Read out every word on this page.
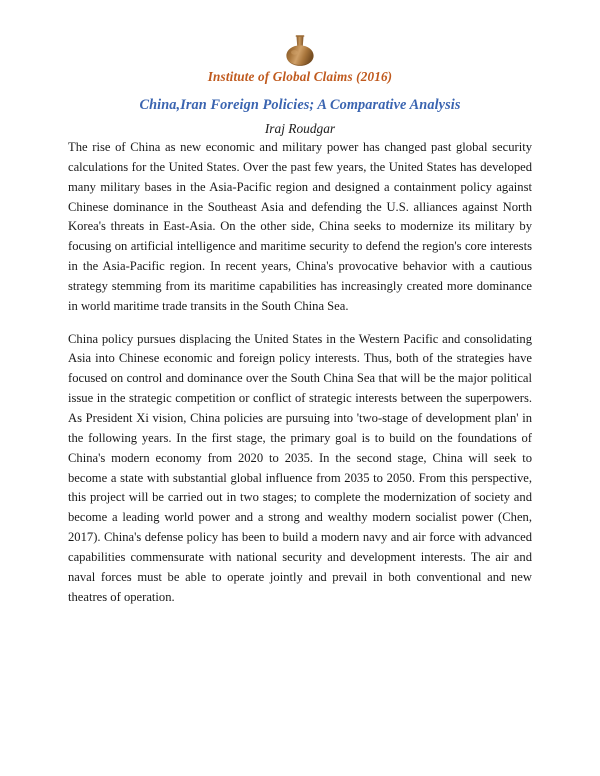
Institute of Global Claims (2016)
China,Iran Foreign Policies; A Comparative Analysis
Iraj Roudgar

The rise of China as new economic and military power has changed past global security calculations for the United States. Over the past few years, the United States has developed many military bases in the Asia-Pacific region and designed a containment policy against Chinese dominance in the Southeast Asia and defending the U.S. alliances against North Korea's threats in East-Asia. On the other side, China seeks to modernize its military by focusing on artificial intelligence and maritime security to defend the region's core interests in the Asia-Pacific region. In recent years, China's provocative behavior with a cautious strategy stemming from its maritime capabilities has increasingly created more dominance in world maritime trade transits in the South China Sea.

China policy pursues displacing the United States in the Western Pacific and consolidating Asia into Chinese economic and foreign policy interests. Thus, both of the strategies have focused on control and dominance over the South China Sea that will be the major political issue in the strategic competition or conflict of strategic interests between the superpowers. As President Xi vision, China policies are pursuing into 'two-stage of development plan' in the following years. In the first stage, the primary goal is to build on the foundations of China's modern economy from 2020 to 2035. In the second stage, China will seek to become a state with substantial global influence from 2035 to 2050. From this perspective, this project will be carried out in two stages; to complete the modernization of society and become a leading world power and a strong and wealthy modern socialist power (Chen, 2017). China's defense policy has been to build a modern navy and air force with advanced capabilities commensurate with national security and development interests. The air and naval forces must be able to operate jointly and prevail in both conventional and new theatres of operation.
